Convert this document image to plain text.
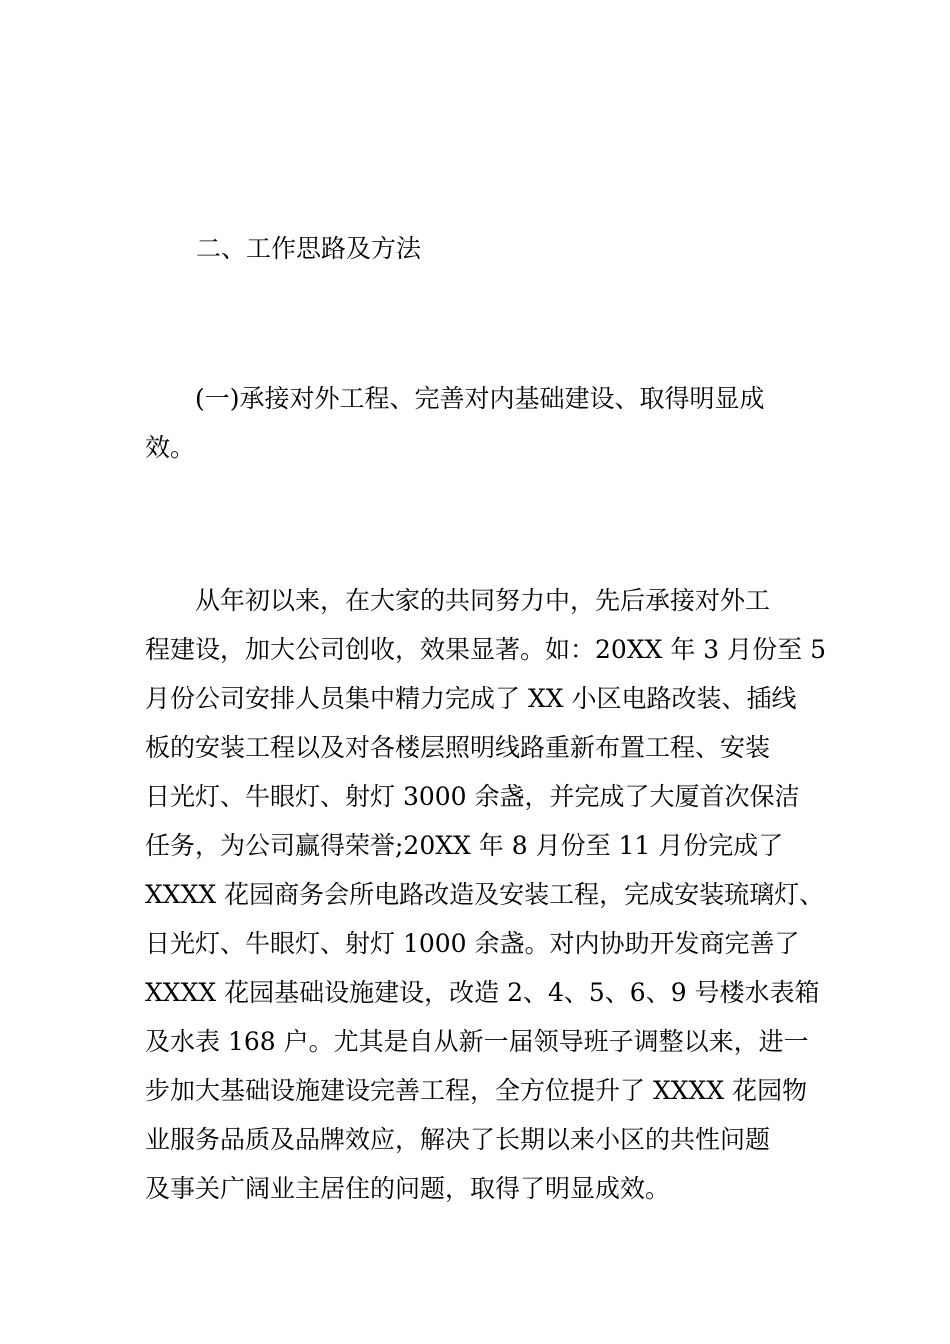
二、工作思路及方法

　　(一)承接对外工程、完善对内基础建设、取得明显成
效。

　　从年初以来，在大家的共同努力中，先后承接对外工
程建设，加大公司创收，效果显著。如：20XX 年 3 月份至 5
月份公司安排人员集中精力完成了 XX 小区电路改装、插线
板的安装工程以及对各楼层照明线路重新布置工程、安装
日光灯、牛眼灯、射灯 3000 余盏，并完成了大厦首次保洁
任务，为公司赢得荣誉;20XX 年 8 月份至 11 月份完成了
XXXX 花园商务会所电路改造及安装工程，完成安装琉璃灯、
日光灯、牛眼灯、射灯 1000 余盏。对内协助开发商完善了
XXXX 花园基础设施建设，改造 2、4、5、6、9 号楼水表箱
及水表 168 户。尤其是自从新一届领导班子调整以来，进一
步加大基础设施建设完善工程，全方位提升了 XXXX 花园物
业服务品质及品牌效应，解决了长期以来小区的共性问题
及事关广阔业主居住的问题，取得了明显成效。
